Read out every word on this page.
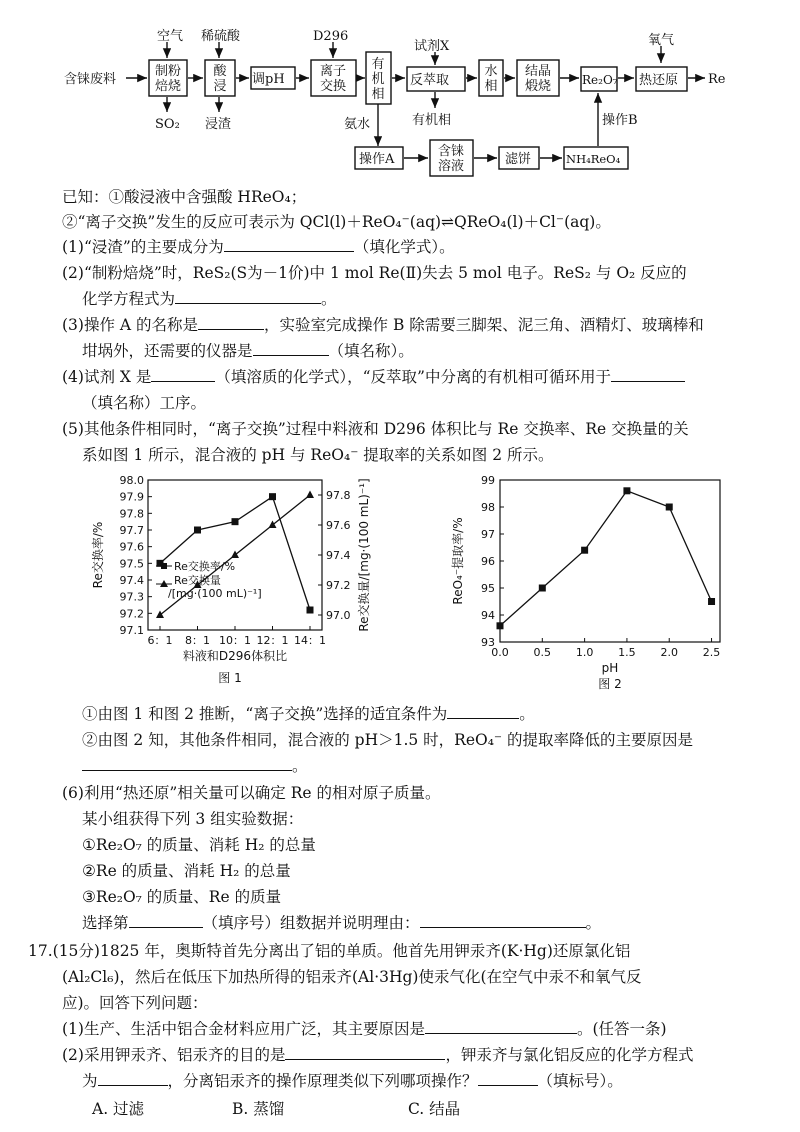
含铼废料
空气 稀硫酸	D296
试剂X	氧气
SO₂ 浸渣	有机相
氨水	操作B
Re
调pH	反萃取	Re₂O₇ 热还原
操作A	滤饼	NH₄ReO₄
制粉
焙烧
酸
浸
离子
交换
水
相
结晶
煅烧
含铼
溶液
有
机
相
已知：①酸浸液中含强酸 HReO₄；
②“离子交换”发生的反应可表示为 QCl(l)＋ReO₄⁻(aq)⇌QReO₄(l)＋Cl⁻(aq)。
(1)“浸渣”的主要成分为	（填化学式）。
(2)“制粉焙烧”时，ReS₂(S为－1价)中 1 mol Re(Ⅱ)失去 5 mol 电子。ReS₂ 与 O₂ 反应的
化学方程式为	。
(3)操作 A 的名称是	，实验室完成操作 B 除需要三脚架、泥三角、酒精灯、玻璃棒和
坩埚外，还需要的仪器是	（填名称）。
(4)试剂 X 是	（填溶质的化学式），“反萃取”中分离的有机相可循环用于
（填名称）工序。
(5)其他条件相同时，“离子交换”过程中料液和 D296 体积比与 Re 交换率、Re 交换量的关
系如图 1 所示，混合液的 pH 与 ReO₄⁻ 提取率的关系如图 2 所示。
98.0
97.9
97.8
97.7
97.6
97.5
97.4
97.3
97.2
97.1
97.8
97.6
97.4
97.2
97.0
6：1 8：1 10：1 12：1 14：1
料液和D296体积比
图 1
Re交换率/%	Re交换量/[mg·(100 mL)⁻¹]
Re交换率/%
Re交换量
/[mg·(100 mL)⁻¹]
99
98
97
96
95
94
93
0.0 0.5 1.0 1.5 2.0 2.5
pH
图 2
ReO₄⁻提取率/%
①由图 1 和图 2 推断，“离子交换”选择的适宜条件为	。
②由图 2 知，其他条件相同，混合液的 pH＞1.5 时，ReO₄⁻ 的提取率降低的主要原因是
。
(6)利用“热还原”相关量可以确定 Re 的相对原子质量。
某小组获得下列 3 组实验数据：
①Re₂O₇ 的质量、消耗 H₂ 的总量
②Re 的质量、消耗 H₂ 的总量
③Re₂O₇ 的质量、Re 的质量
选择第	（填序号）组数据并说明理由：	。
17.(15分)1825 年，奥斯特首先分离出了铝的单质。他首先用钾汞齐(K·Hg)还原氯化铝
(Al₂Cl₆)，然后在低压下加热所得的铝汞齐(Al·3Hg)使汞气化(在空气中汞不和氧气反
应)。回答下列问题：
(1)生产、生活中铝合金材料应用广泛，其主要原因是	。(任答一条)
(2)采用钾汞齐、铝汞齐的目的是	，钾汞齐与氯化铝反应的化学方程式
为	，分离铝汞齐的操作原理类似下列哪项操作？	（填标号）。
A. 过滤	B. 蒸馏	C. 结晶
